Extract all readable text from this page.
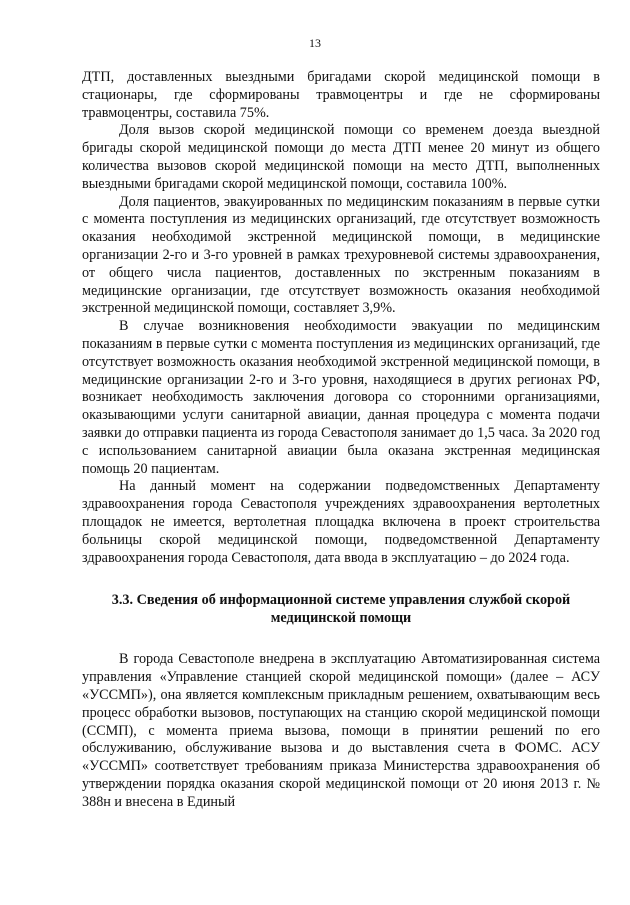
13

ДТП, доставленных выездными бригадами скорой медицинской помощи в стационары, где сформированы травмоцентры и где не сформированы травмоцентры, составила 75%.

Доля вызов скорой медицинской помощи со временем доезда выездной бригады скорой медицинской помощи до места ДТП менее 20 минут из общего количества вызовов скорой медицинской помощи на место ДТП, выполненных выездными бригадами скорой медицинской помощи, составила 100%.

Доля пациентов, эвакуированных по медицинским показаниям в первые сутки с момента поступления из медицинских организаций, где отсутствует возможность оказания необходимой экстренной медицинской помощи, в медицинские организации 2-го и 3-го уровней в рамках трехуровневой системы здравоохранения, от общего числа пациентов, доставленных по экстренным показаниям в медицинские организации, где отсутствует возможность оказания необходимой экстренной медицинской помощи, составляет 3,9%.

В случае возникновения необходимости эвакуации по медицинским показаниям в первые сутки с момента поступления из медицинских организаций, где отсутствует возможность оказания необходимой экстренной медицинской помощи, в медицинские организации 2-го и 3-го уровня, находящиеся в других регионах РФ, возникает необходимость заключения договора со сторонними организациями, оказывающими услуги санитарной авиации, данная процедура с момента подачи заявки до отправки пациента из города Севастополя занимает до 1,5 часа. За 2020 год с использованием санитарной авиации была оказана экстренная медицинская помощь 20 пациентам.

На данный момент на содержании подведомственных Департаменту здравоохранения города Севастополя учреждениях здравоохранения вертолетных площадок не имеется, вертолетная площадка включена в проект строительства больницы скорой медицинской помощи, подведомственной Департаменту здравоохранения города Севастополя, дата ввода в эксплуатацию – до 2024 года.

3.3. Сведения об информационной системе управления службой скорой медицинской помощи

В города Севастополе внедрена в эксплуатацию Автоматизированная система управления «Управление станцией скорой медицинской помощи» (далее – АСУ «УССМП»), она является комплексным прикладным решением, охватывающим весь процесс обработки вызовов, поступающих на станцию скорой медицинской помощи (ССМП), с момента приема вызова, помощи в принятии решений по его обслуживанию, обслуживание вызова и до выставления счета в ФОМС. АСУ «УССМП» соответствует требованиям приказа Министерства здравоохранения об утверждении порядка оказания скорой медицинской помощи от 20 июня 2013 г. № 388н и внесена в Единый
